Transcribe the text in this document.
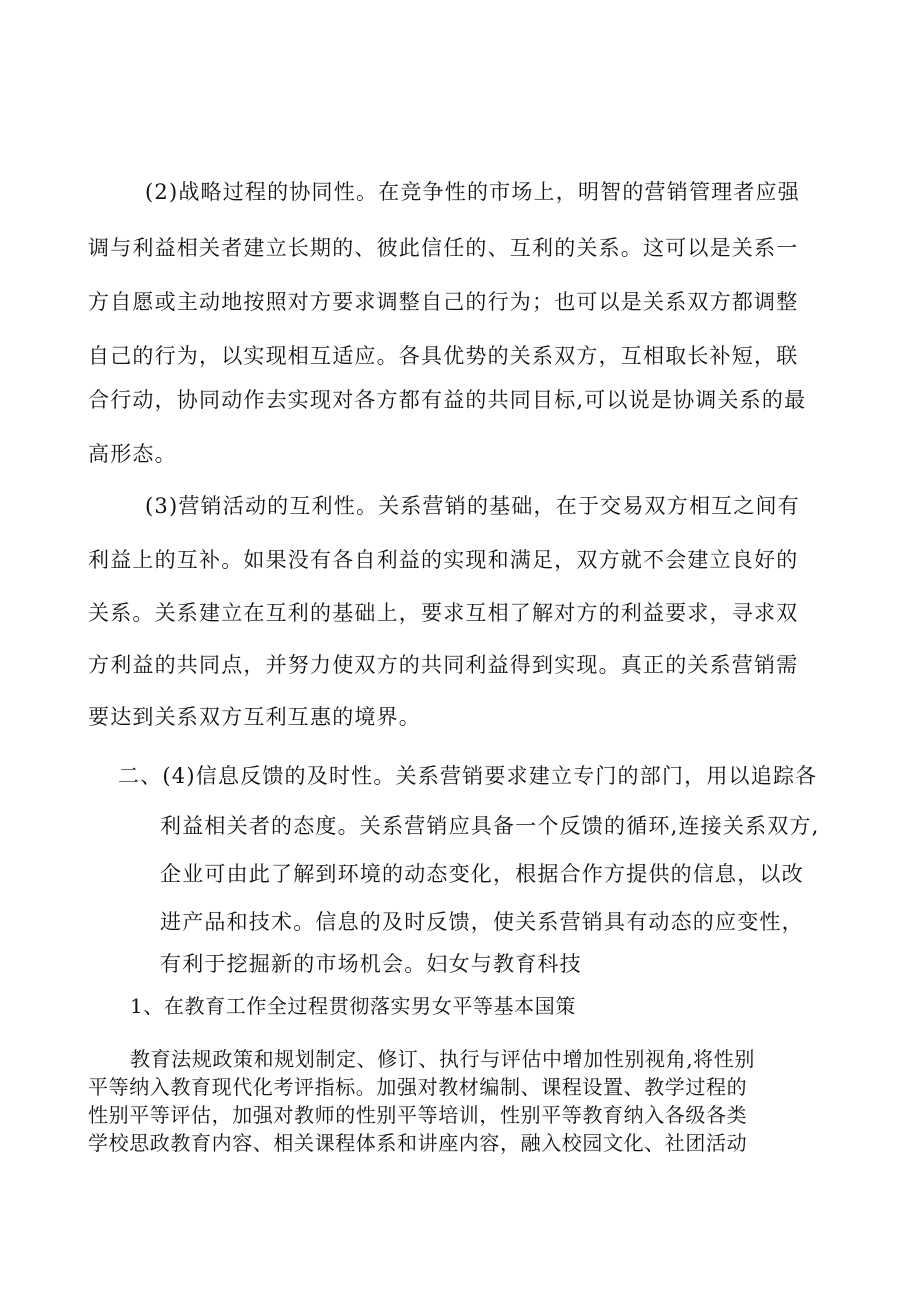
(2)战略过程的协同性。在竞争性的市场上，明智的营销管理者应强
调与利益相关者建立长期的、彼此信任的、互利的关系。这可以是关系一
方自愿或主动地按照对方要求调整自己的行为；也可以是关系双方都调整
自己的行为，以实现相互适应。各具优势的关系双方，互相取长补短，联
合行动，协同动作去实现对各方都有益的共同目标,可以说是协调关系的最
高形态。
(3)营销活动的互利性。关系营销的基础，在于交易双方相互之间有
利益上的互补。如果没有各自利益的实现和满足，双方就不会建立良好的
关系。关系建立在互利的基础上，要求互相了解对方的利益要求，寻求双
方利益的共同点，并努力使双方的共同利益得到实现。真正的关系营销需
要达到关系双方互利互惠的境界。
二、(4)信息反馈的及时性。关系营销要求建立专门的部门，用以追踪各
利益相关者的态度。关系营销应具备一个反馈的循环,连接关系双方,
企业可由此了解到环境的动态变化，根据合作方提供的信息，以改
进产品和技术。信息的及时反馈，使关系营销具有动态的应变性，
有利于挖掘新的市场机会。妇女与教育科技
1、在教育工作全过程贯彻落实男女平等基本国策
教育法规政策和规划制定、修订、执行与评估中增加性别视角,将性别
平等纳入教育现代化考评指标。加强对教材编制、课程设置、教学过程的
性别平等评估，加强对教师的性别平等培训，性别平等教育纳入各级各类
学校思政教育内容、相关课程体系和讲座内容，融入校园文化、社团活动
